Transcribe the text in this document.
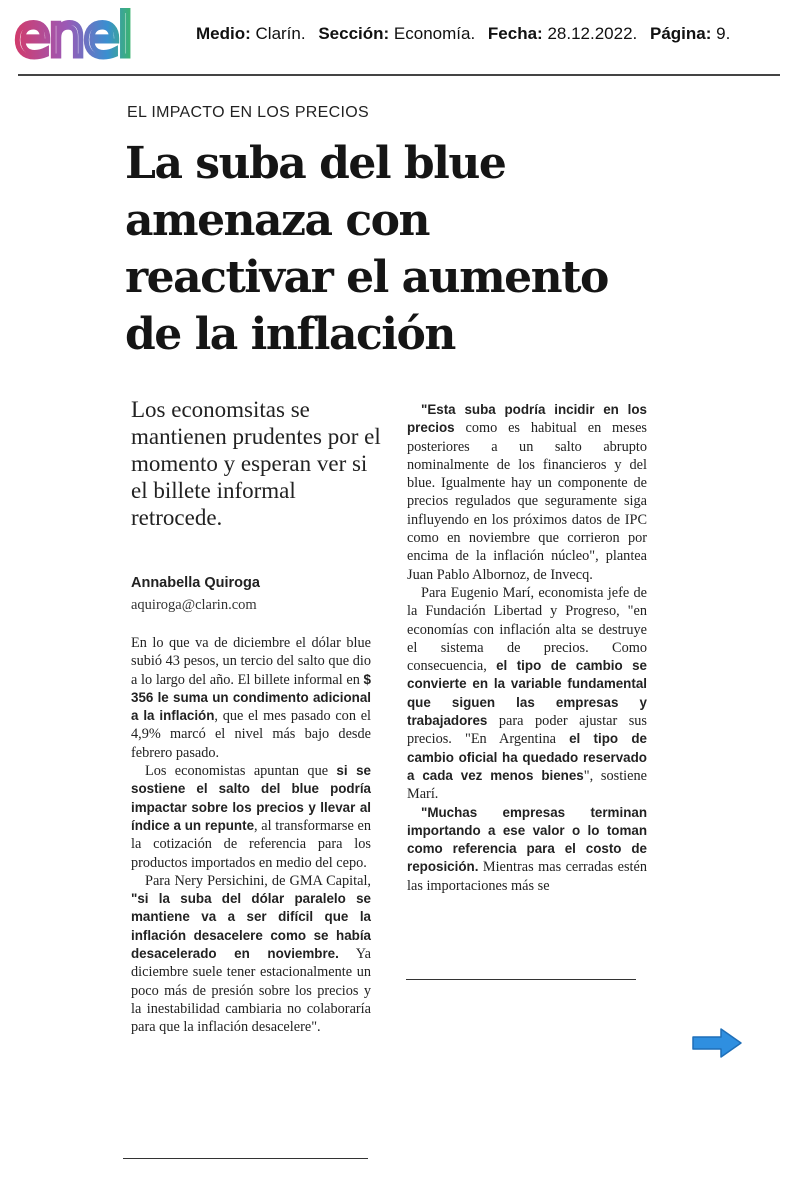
enel	Medio: Clarín. Sección: Economía. Fecha: 28.12.2022. Página: 9.
EL IMPACTO EN LOS PRECIOS
La suba del blue
amenaza con
reactivar el aumento
de la inflación
Los economsitas se mantienen prudentes por el momento y esperan ver si el billete informal retrocede.
Annabella Quiroga
aquiroga@clarin.com

En lo que va de diciembre el dólar blue subió 43 pesos, un tercio del salto que dio a lo largo del año. El billete informal en $ 356 le suma un condimento adicional a la inflación, que el mes pasado con el 4,9% marcó el nivel más bajo desde febrero pasado.

Los economistas apuntan que si se sostiene el salto del blue podría impactar sobre los precios y llevar al índice a un repunte, al transformarse en la cotización de referencia para los productos importados en medio del cepo.

Para Nery Persichini, de GMA Capital, "si la suba del dólar paralelo se mantiene va a ser difícil que la inflación desacelere como se había desacelerado en noviembre. Ya diciembre suele tener estacionalmente un poco más de presión sobre los precios y la inestabilidad cambiaria no colaboraría para que la inflación desacelere".

"Esta suba podría incidir en los precios como es habitual en meses posteriores a un salto abrupto nominalmente de los financieros y del blue. Igualmente hay un componente de precios regulados que seguramente siga influyendo en los próximos datos de IPC como en noviembre que corrieron por encima de la inflación núcleo", plantea Juan Pablo Albornoz, de Invecq.

Para Eugenio Marí, economista jefe de la Fundación Libertad y Progreso, "en economías con inflación alta se destruye el sistema de precios. Como consecuencia, el tipo de cambio se convierte en la variable fundamental que siguen las empresas y trabajadores para poder ajustar sus precios. "En Argentina el tipo de cambio oficial ha quedado reservado a cada vez menos bienes", sostiene Marí.

"Muchas empresas terminan importando a ese valor o lo toman como referencia para el costo de reposición. Mientras mas cerradas estén las importaciones más se
